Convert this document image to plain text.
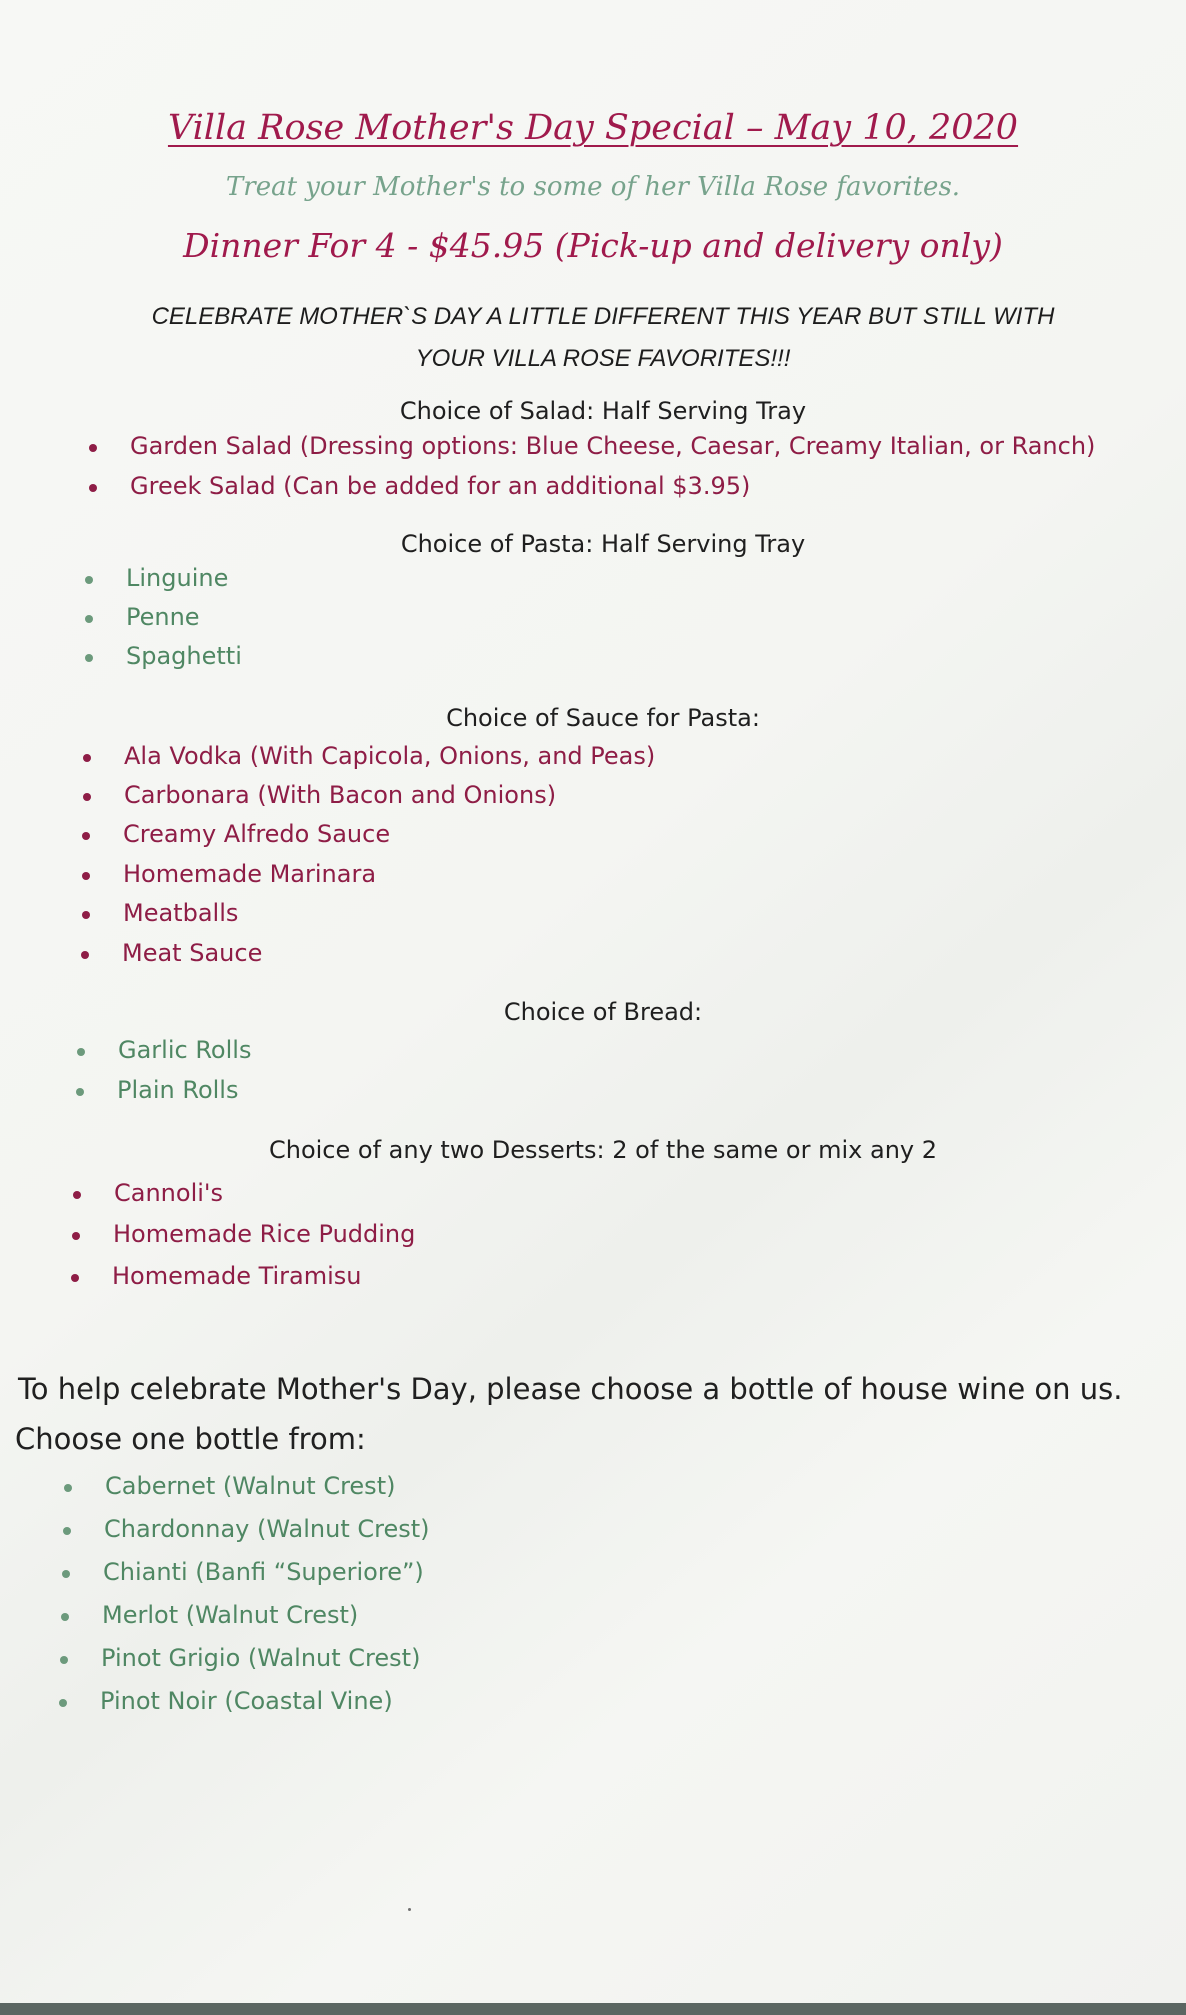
Villa Rose Mother's Day Special – May 10, 2020
Treat your Mother's to some of her Villa Rose favorites.
Dinner For 4 - $45.95 (Pick-up and delivery only)
CELEBRATE MOTHER`S DAY A LITTLE DIFFERENT THIS YEAR BUT STILL WITH
YOUR VILLA ROSE FAVORITES!!!
Choice of Salad: Half Serving Tray
Garden Salad (Dressing options: Blue Cheese, Caesar, Creamy Italian, or Ranch)
Greek Salad (Can be added for an additional $3.95)
Choice of Pasta: Half Serving Tray
Linguine
Penne
Spaghetti
Choice of Sauce for Pasta:
Ala Vodka (With Capicola, Onions, and Peas)
Carbonara (With Bacon and Onions)
Creamy Alfredo Sauce
Homemade Marinara
Meatballs
Meat Sauce
Choice of Bread:
Garlic Rolls
Plain Rolls
Choice of any two Desserts: 2 of the same or mix any 2
Cannoli's
Homemade Rice Pudding
Homemade Tiramisu
To help celebrate Mother's Day, please choose a bottle of house wine on us.
Choose one bottle from:
Cabernet (Walnut Crest)
Chardonnay (Walnut Crest)
Chianti (Banfi “Superiore”)
Merlot (Walnut Crest)
Pinot Grigio (Walnut Crest)
Pinot Noir (Coastal Vine)
